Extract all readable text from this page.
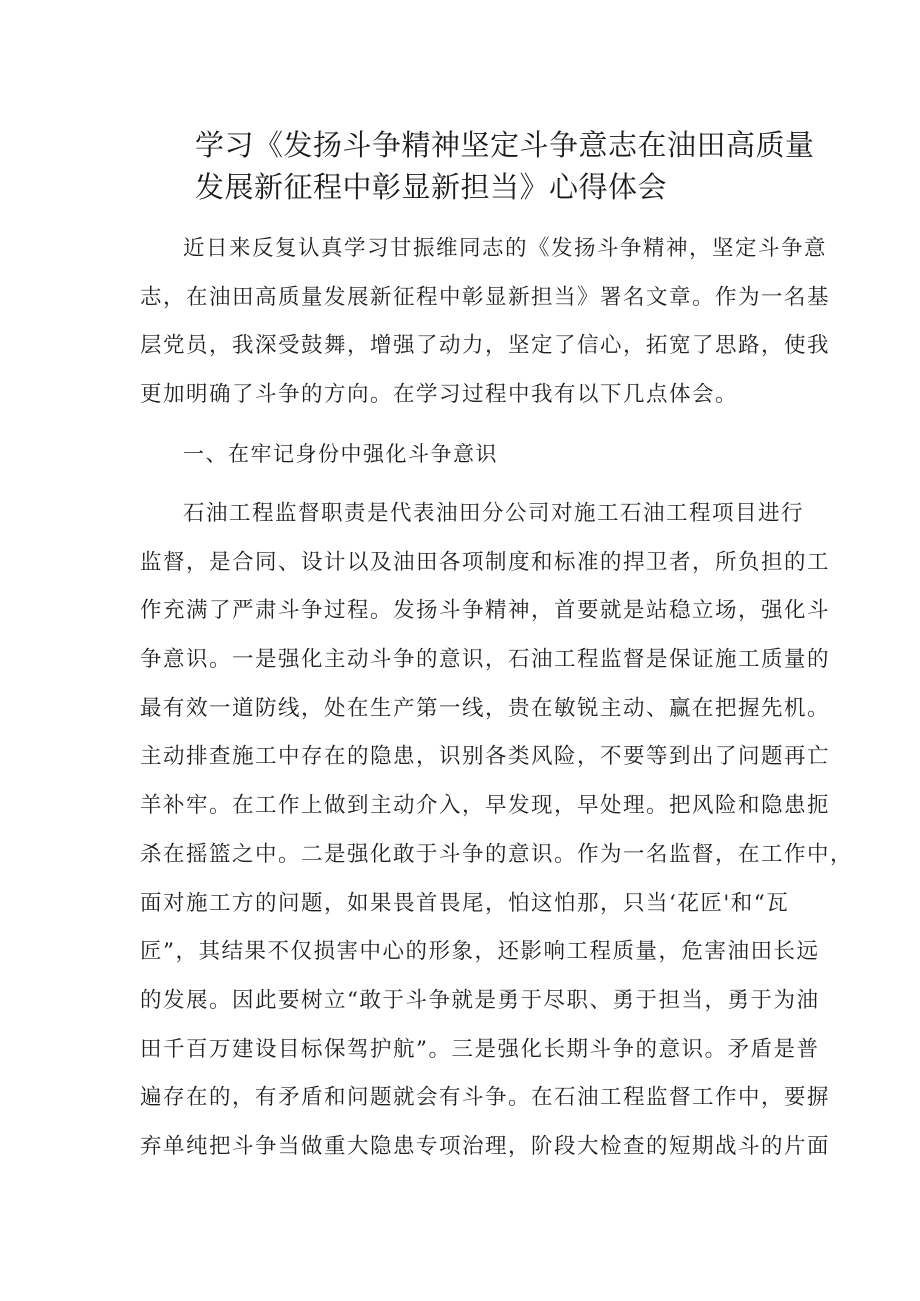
学习《发扬斗争精神坚定斗争意志在油田高质量
发展新征程中彰显新担当》心得体会
近日来反复认真学习甘振维同志的《发扬斗争精神，坚定斗争意
志，在油田高质量发展新征程中彰显新担当》署名文章。作为一名基
层党员，我深受鼓舞，增强了动力，坚定了信心，拓宽了思路，使我
更加明确了斗争的方向。在学习过程中我有以下几点体会。
一、在牢记身份中强化斗争意识
石油工程监督职责是代表油田分公司对施工石油工程项目进行
监督，是合同、设计以及油田各项制度和标准的捍卫者，所负担的工
作充满了严肃斗争过程。发扬斗争精神，首要就是站稳立场，强化斗
争意识。一是强化主动斗争的意识，石油工程监督是保证施工质量的
最有效一道防线，处在生产第一线，贵在敏锐主动、赢在把握先机。
主动排查施工中存在的隐患，识别各类风险，不要等到出了问题再亡
羊补牢。在工作上做到主动介入，早发现，早处理。把风险和隐患扼
杀在摇篮之中。二是强化敢于斗争的意识。作为一名监督，在工作中，
面对施工方的问题，如果畏首畏尾，怕这怕那，只当‘花匠'和“瓦
匠”，其结果不仅损害中心的形象，还影响工程质量，危害油田长远
的发展。因此要树立“敢于斗争就是勇于尽职、勇于担当，勇于为油
田千百万建设目标保驾护航”。三是强化长期斗争的意识。矛盾是普
遍存在的，有矛盾和问题就会有斗争。在石油工程监督工作中，要摒
弃单纯把斗争当做重大隐患专项治理，阶段大检查的短期战斗的片面
